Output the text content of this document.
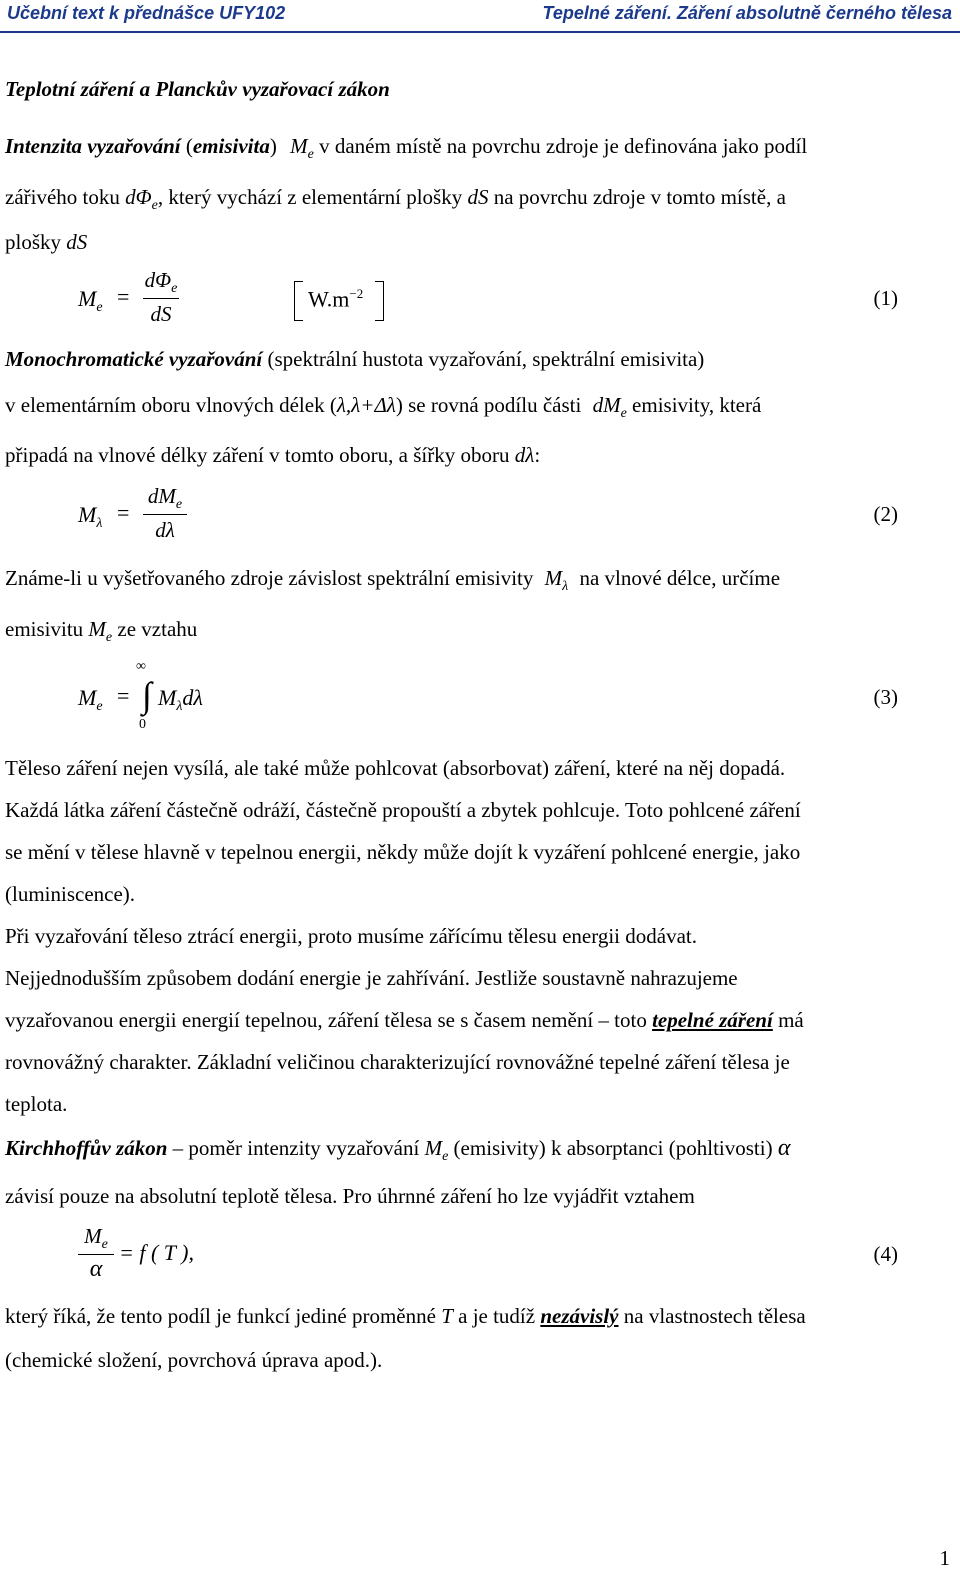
Učební text k přednášce UFY102	Tepelné záření. Záření absolutně černého tělesa
Teplotní záření a Planckův vyzařovací zákon
Intenzita vyzařování (emisivita) $M_e$ v daném místě na povrchu zdroje je definována jako podíl
zářivého toku $d\Phi_e$, který vychází z elementární plošky dS na povrchu zdroje v tomto místě, a
plošky dS
$M_e$ =
$d\Phi_e$
dS
$W.m^{-2}$	(1)
Monochromatické vyzařování (spektrální hustota vyzařování, spektrální emisivita)
v elementárním oboru vlnových délek (λ,λ+Δλ) se rovná podílu části $dM_e$ emisivity, která
připadá na vlnové délky záření v tomto oboru, a šířky oboru dλ:
$M_\lambda$ =
$dM_e$
dλ
(2)
Známe-li u vyšetřovaného zdroje závislost spektrální emisivity $M_\lambda$ na vlnové délce, určíme
emisivitu $M_e$ ze vztahu
$M_e$ =
∞
∫
0
$M_\lambda d\lambda$	(3)
Těleso záření nejen vysílá, ale také může pohlcovat (absorbovat) záření, které na něj dopadá.
Každá látka záření částečně odráží, částečně propouští a zbytek pohlcuje. Toto pohlcené záření
se mění v tělese hlavně v tepelnou energii, někdy může dojít k vyzáření pohlcené energie, jako
(luminiscence).
Při vyzařování těleso ztrácí energii, proto musíme zářícímu tělesu energii dodávat.
Nejjednodušším způsobem dodání energie je zahřívání. Jestliže soustavně nahrazujeme
vyzařovanou energii energií tepelnou, záření tělesa se s časem nemění – toto tepelné záření má
rovnovážný charakter. Základní veličinou charakterizující rovnovážné tepelné záření tělesa je
teplota.
Kirchhoffův zákon – poměr intenzity vyzařování $M_e$ (emisivity) k absorptanci (pohltivosti) α
závisí pouze na absolutní teplotě tělesa. Pro úhrnné záření ho lze vyjádřit vztahem
$M_e$
α
= f ( T ),	(4)
který říká, že tento podíl je funkcí jediné proměnné T a je tudíž nezávislý na vlastnostech tělesa
(chemické složení, povrchová úprava apod.).
1
